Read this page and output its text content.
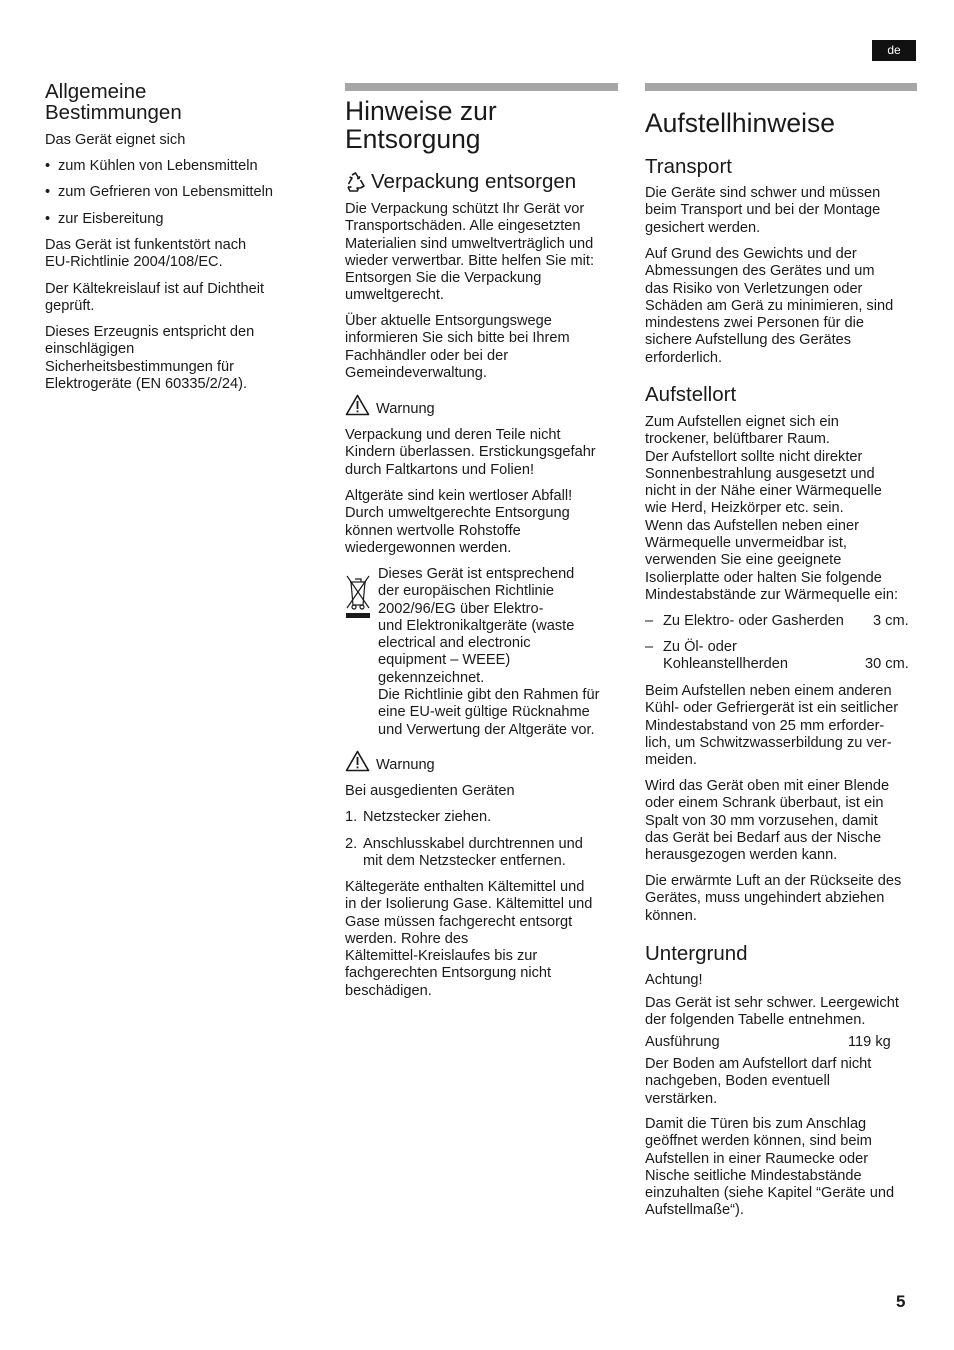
de
Allgemeine
Bestimmungen

Das Gerät eignet sich

• zum Kühlen von Lebensmitteln
• zum Gefrieren von Lebensmitteln
• zur Eisbereitung

Das Gerät ist funkentstört nach

EU-Richtlinie 2004/108/EC.

Der Kältekreislauf ist auf Dichtheit

geprüft.

Dieses Erzeugnis entspricht den

einschlägigen

Sicherheitsbestimmungen für

Elektrogeräte (EN 60335/2/24).

Hinweise zur
Entsorgung
Verpackung entsorgen

Die Verpackung schützt Ihr Gerät vor

Transportschäden. Alle eingesetzten

Materialien sind umweltverträglich und

wieder verwertbar. Bitte helfen Sie mit:

Entsorgen Sie die Verpackung

umweltgerecht.

Über aktuelle Entsorgungswege

informieren Sie sich bitte bei Ihrem

Fachhändler oder bei der

Gemeindeverwaltung.

Warnung

Verpackung und deren Teile nicht

Kindern überlassen. Erstickungsgefahr

durch Faltkartons und Folien!

Altgeräte sind kein wertloser Abfall!

Durch umweltgerechte Entsorgung

können wertvolle Rohstoffe

wiedergewonnen werden.

Dieses Gerät ist entsprechend

der europäischen Richtlinie

2002/96/EG über Elektro-

und Elektronikaltgeräte (waste

electrical and electronic

equipment – WEEE)

gekennzeichnet.

Die Richtlinie gibt den Rahmen für

eine EU-weit gültige Rücknahme

und Verwertung der Altgeräte vor.

Warnung

Bei ausgedienten Geräten

1. Netzstecker ziehen.

2. Anschlusskabel durchtrennen und

mit dem Netzstecker entfernen.

Kältegeräte enthalten Kältemittel und

in der Isolierung Gase. Kältemittel und

Gase müssen fachgerecht entsorgt

werden. Rohre des

Kältemittel-Kreislaufes bis zur

fachgerechten Entsorgung nicht

beschädigen.

Aufstellhinweise
Transport

Die Geräte sind schwer und müssen

beim Transport und bei der Montage

gesichert werden.

Auf Grund des Gewichts und der

Abmessungen des Gerätes und um

das Risiko von Verletzungen oder

Schäden am Gerä zu minimieren, sind

mindestens zwei Personen für die

sichere Aufstellung des Gerätes

erforderlich.

Aufstellort

Zum Aufstellen eignet sich ein

trockener, belüftbarer Raum.

Der Aufstellort sollte nicht direkter

Sonnenbestrahlung ausgesetzt und

nicht in der Nähe einer Wärmequelle

wie Herd, Heizkörper etc. sein.

Wenn das Aufstellen neben einer

Wärmequelle unvermeidbar ist,

verwenden Sie eine geeignete

Isolierplatte oder halten Sie folgende

Mindestabstände zur Wärmequelle ein:

– Zu Elektro- oder Gasherden 3 cm.

– Zu Öl- oder

Kohleanstellherden	30 cm.

Beim Aufstellen neben einem anderen

Kühl- oder Gefriergerät ist ein seitlicher

Mindestabstand von 25 mm erforder-

lich, um Schwitzwasserbildung zu ver-

meiden.

Wird das Gerät oben mit einer Blende

oder einem Schrank überbaut, ist ein

Spalt von 30 mm vorzusehen, damit

das Gerät bei Bedarf aus der Nische

herausgezogen werden kann.

Die erwärmte Luft an der Rückseite des

Gerätes, muss ungehindert abziehen

können.

Untergrund

Achtung!

Das Gerät ist sehr schwer. Leergewicht

der folgenden Tabelle entnehmen.

Ausführung	119 kg

Der Boden am Aufstellort darf nicht

nachgeben, Boden eventuell

verstärken.

Damit die Türen bis zum Anschlag

geöffnet werden können, sind beim

Aufstellen in einer Raumecke oder

Nische seitliche Mindestabstände

einzuhalten (siehe Kapitel “Geräte und

Aufstellmaße“).

5
